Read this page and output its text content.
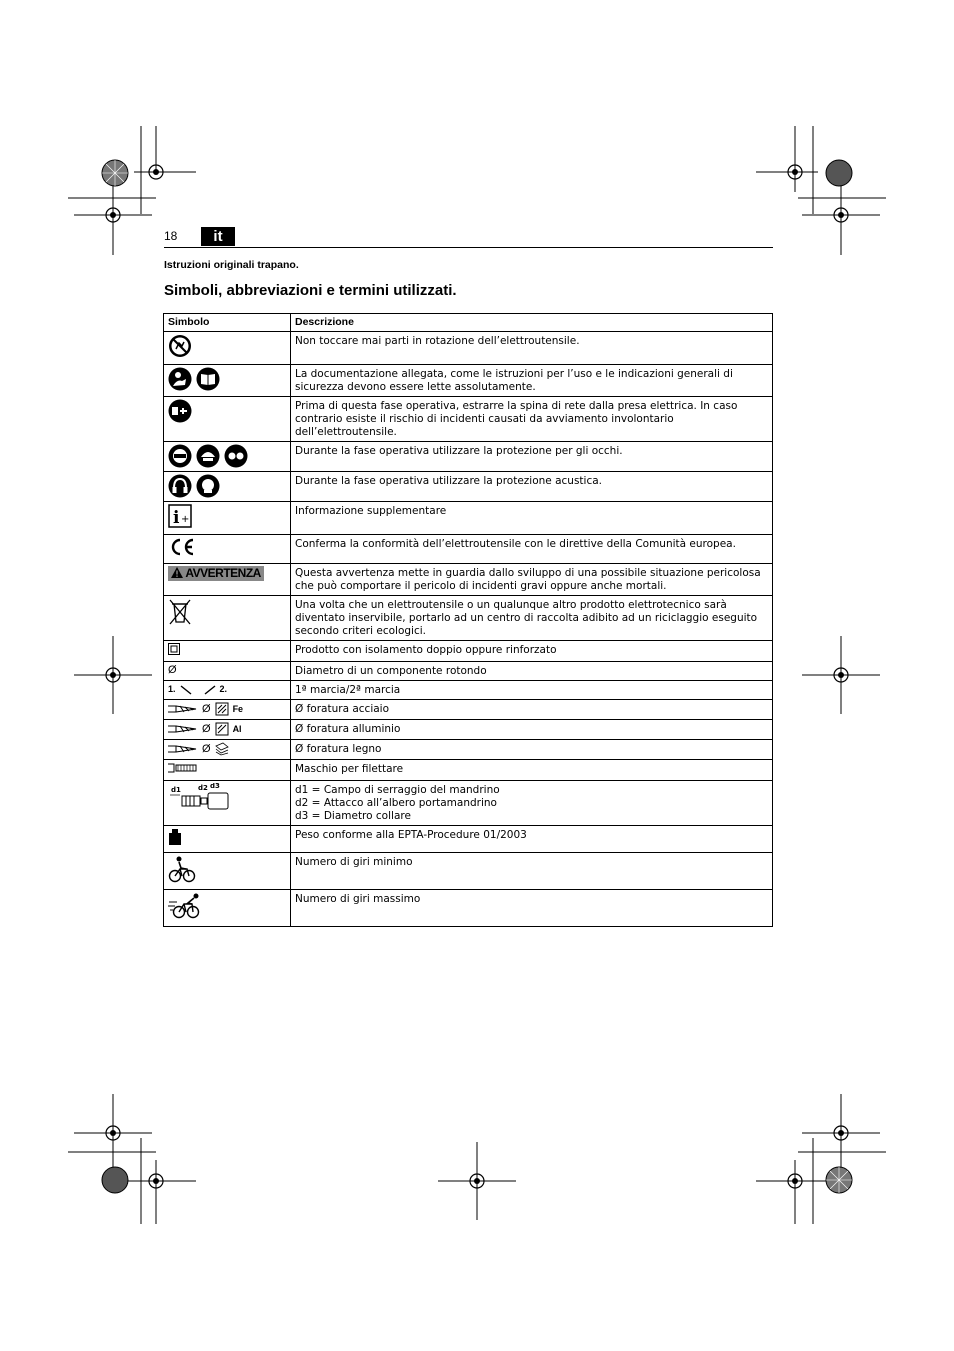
18	it
Istruzioni originali trapano.
Simboli, abbreviazioni e termini utilizzati.
Simbolo	Descrizione
	Non toccare mai parti in rotazione dell’elettroutensile.

	La documentazione allegata, come le istruzioni per l’uso e le indicazioni generali di sicurezza devono essere lette assolutamente.
	Prima di questa fase operativa, estrarre la spina di rete dalla presa elettrica. In caso contrario esiste il rischio di incidenti causati da avviamento involontario dell’elettroutensile.

	Durante la fase operativa utilizzare la protezione per gli occhi.

	Durante la fase operativa utilizzare la protezione acustica.

i +	Informazione supplementare
	Conferma la conformità dell’elettroutensile con le direttive della Comunità europea.
AVVERTENZA	Questa avvertenza mette in guardia dallo sviluppo di una possibile situazione pericolosa che può comportare il pericolo di incidenti gravi oppure anche mortali.
	Una volta che un elettroutensile o un qualunque altro prodotto elettrotecnico sarà diventato inservibile, portarlo ad un centro di raccolta adibito ad un riciclaggio eseguito secondo criteri ecologici.
	Prodotto con isolamento doppio oppure rinforzato
Ø	Diametro di un componente rotondo

1. 2.	1ª marcia/2ª marcia

Ø Fe	Ø foratura acciaio

Ø Al	Ø foratura alluminio

Ø	Ø foratura legno
	Maschio per filettare

d1 d2 d3	d1 = Campo di serraggio del mandrino
d2 = Attacco all’albero portamandrino
d3 = Diametro collare

	Peso conforme alla EPTA-Procedure 01/2003
	Numero di giri minimo
	Numero di giri massimo
